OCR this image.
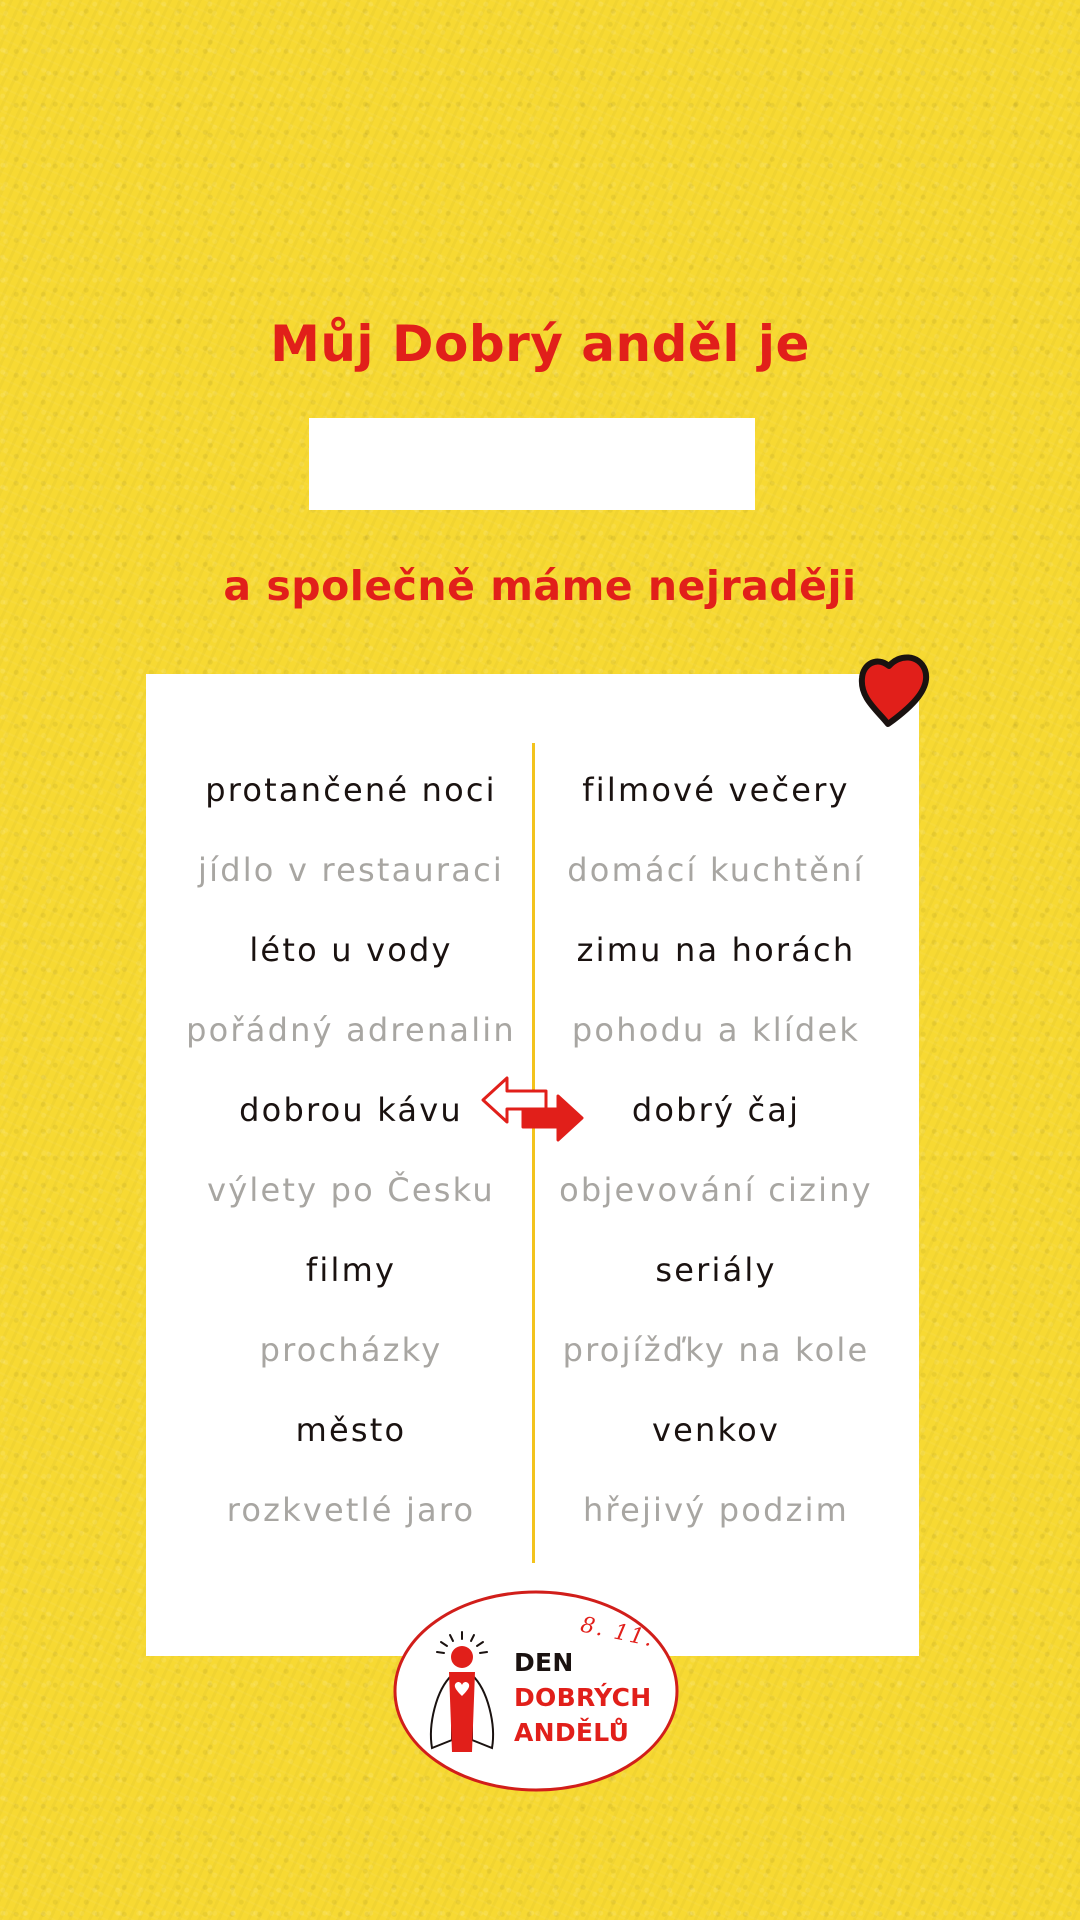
Můj Dobrý anděl je
a společně máme nejraději
protančené noci
jídlo v restauraci
léto u vody
pořádný adrenalin
dobrou kávu
výlety po Česku
filmy
procházky
město
rozkvetlé jaro
filmové večery
domácí kuchtění
zimu na horách
pohodu a klídek
dobrý čaj
objevování ciziny
seriály
projížďky na kole
venkov
hřejivý podzim
8. 11.
DEN
DOBRÝCH
ANDĚLŮ
